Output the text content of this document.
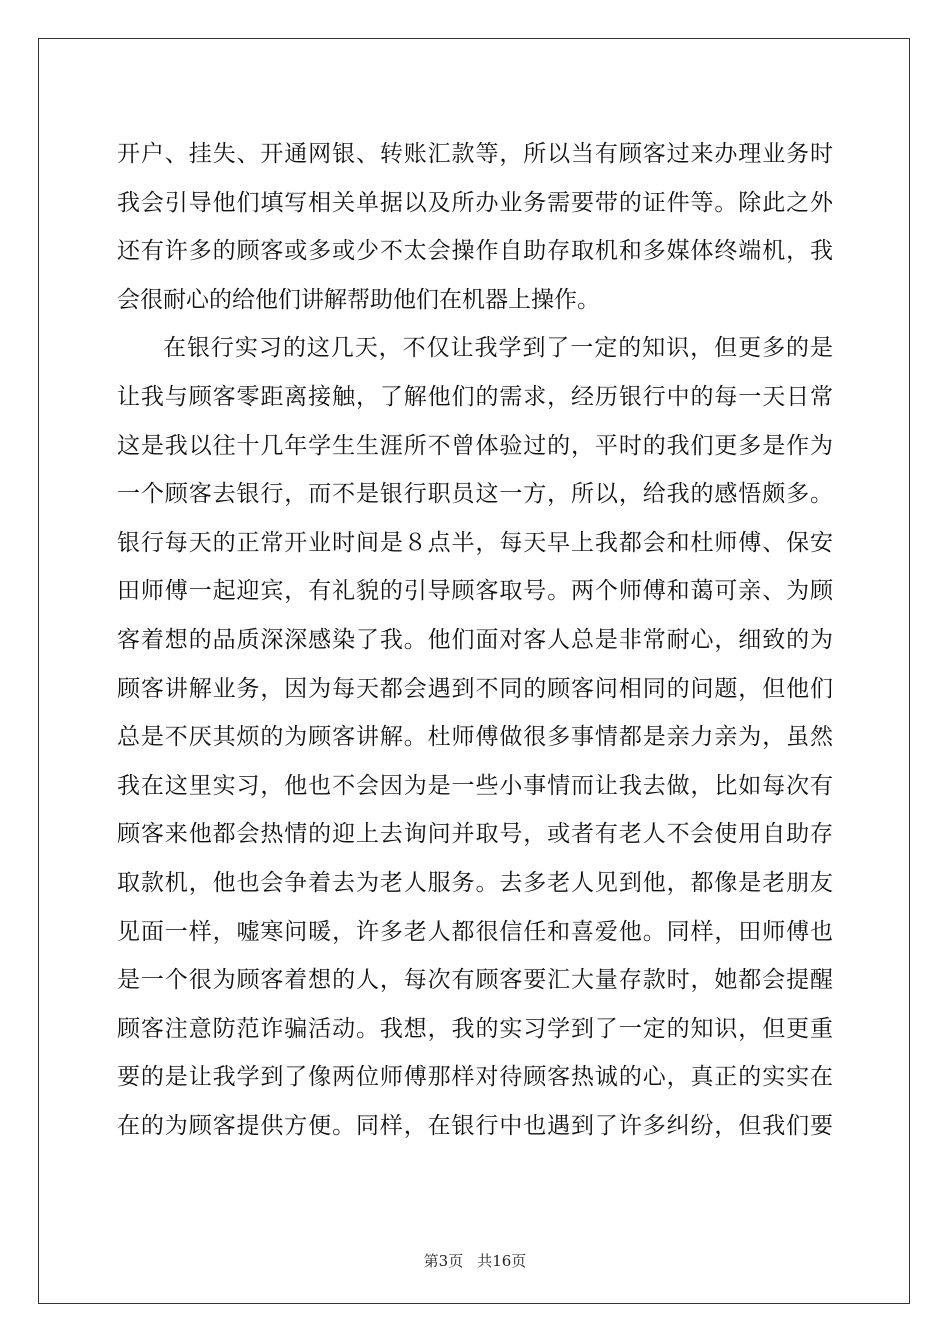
开户、挂失、开通网银、转账汇款等，所以当有顾客过来办理业务时
我会引导他们填写相关单据以及所办业务需要带的证件等。除此之外
还有许多的顾客或多或少不太会操作自助存取机和多媒体终端机，我
会很耐心的给他们讲解帮助他们在机器上操作。
在银行实习的这几天，不仅让我学到了一定的知识，但更多的是
让我与顾客零距离接触，了解他们的需求，经历银行中的每一天日常
这是我以往十几年学生生涯所不曾体验过的，平时的我们更多是作为
一个顾客去银行，而不是银行职员这一方，所以，给我的感悟颇多。
银行每天的正常开业时间是８点半，每天早上我都会和杜师傅、保安
田师傅一起迎宾，有礼貌的引导顾客取号。两个师傅和蔼可亲、为顾
客着想的品质深深感染了我。他们面对客人总是非常耐心，细致的为
顾客讲解业务，因为每天都会遇到不同的顾客问相同的问题，但他们
总是不厌其烦的为顾客讲解。杜师傅做很多事情都是亲力亲为，虽然
我在这里实习，他也不会因为是一些小事情而让我去做，比如每次有
顾客来他都会热情的迎上去询问并取号，或者有老人不会使用自助存
取款机，他也会争着去为老人服务。去多老人见到他，都像是老朋友
见面一样，嘘寒问暖，许多老人都很信任和喜爱他。同样，田师傅也
是一个很为顾客着想的人，每次有顾客要汇大量存款时，她都会提醒
顾客注意防范诈骗活动。我想，我的实习学到了一定的知识，但更重
要的是让我学到了像两位师傅那样对待顾客热诚的心，真正的实实在
在的为顾客提供方便。同样，在银行中也遇到了许多纠纷，但我们要
第3页 共16页
